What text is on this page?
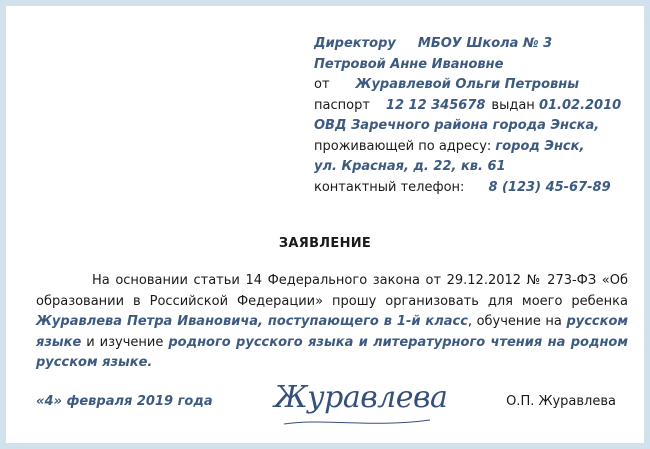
Директору МБОУ Школа № 3
Петровой Анне Ивановне
от Журавлевой Ольги Петровны
паспорт 12 12 345678 выдан 01.02.2010
ОВД Заречного района города Энска,
проживающей по адресу: город Энск,
ул. Красная, д. 22, кв. 61
контактный телефон: 8 (123) 45-67-89
ЗАЯВЛЕНИЕ
На основании статьи 14 Федерального закона от 29.12.2012 № 273-ФЗ «Об образовании в Российской Федерации» прошу организовать для моего ребенка Журавлева Петра Ивановича, поступающего в 1-й класс, обучение на русском языке и изучение родного русского языка и литературного чтения на родном русском языке.
«4» февраля 2019 года Журавлева	О.П. Журавлева
